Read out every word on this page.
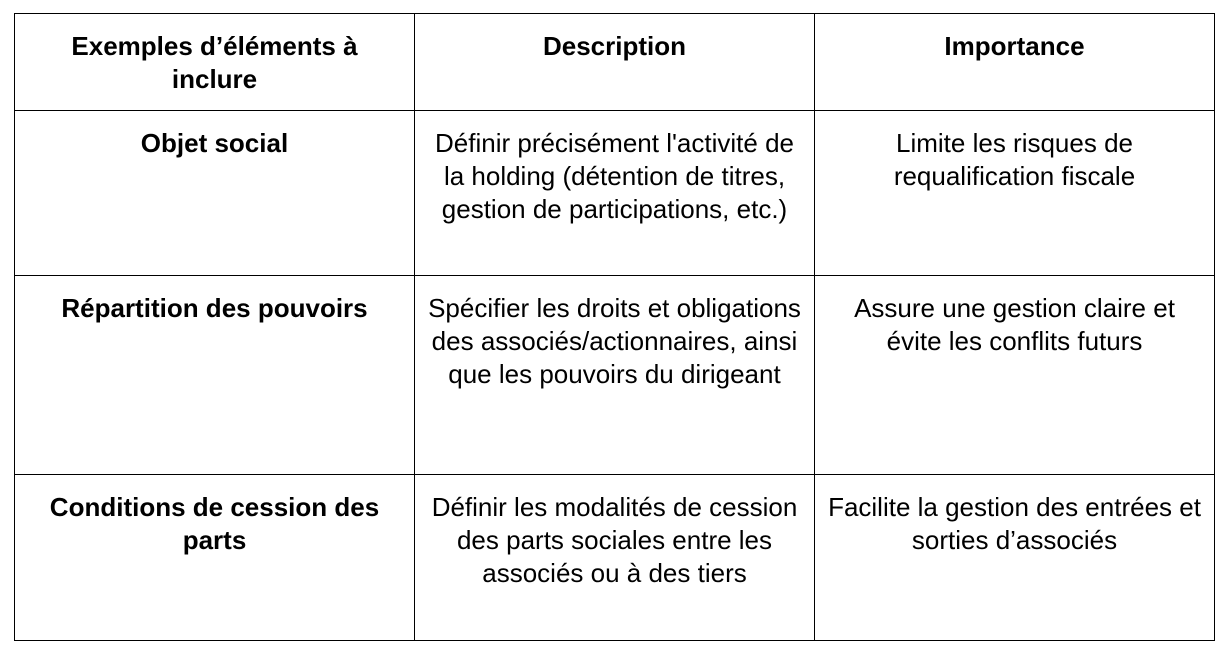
Exemples d’éléments à inclure	Description	Importance

Objet social	Définir précisément l'activité de la holding (détention de titres, gestion de participations, etc.)	Limite les risques de requalification fiscale

Répartition des pouvoirs	Spécifier les droits et obligations des associés/actionnaires, ainsi que les pouvoirs du dirigeant	Assure une gestion claire et évite les conflits futurs

Conditions de cession des parts	Définir les modalités de cession des parts sociales entre les associés ou à des tiers	Facilite la gestion des entrées et sorties d’associés
